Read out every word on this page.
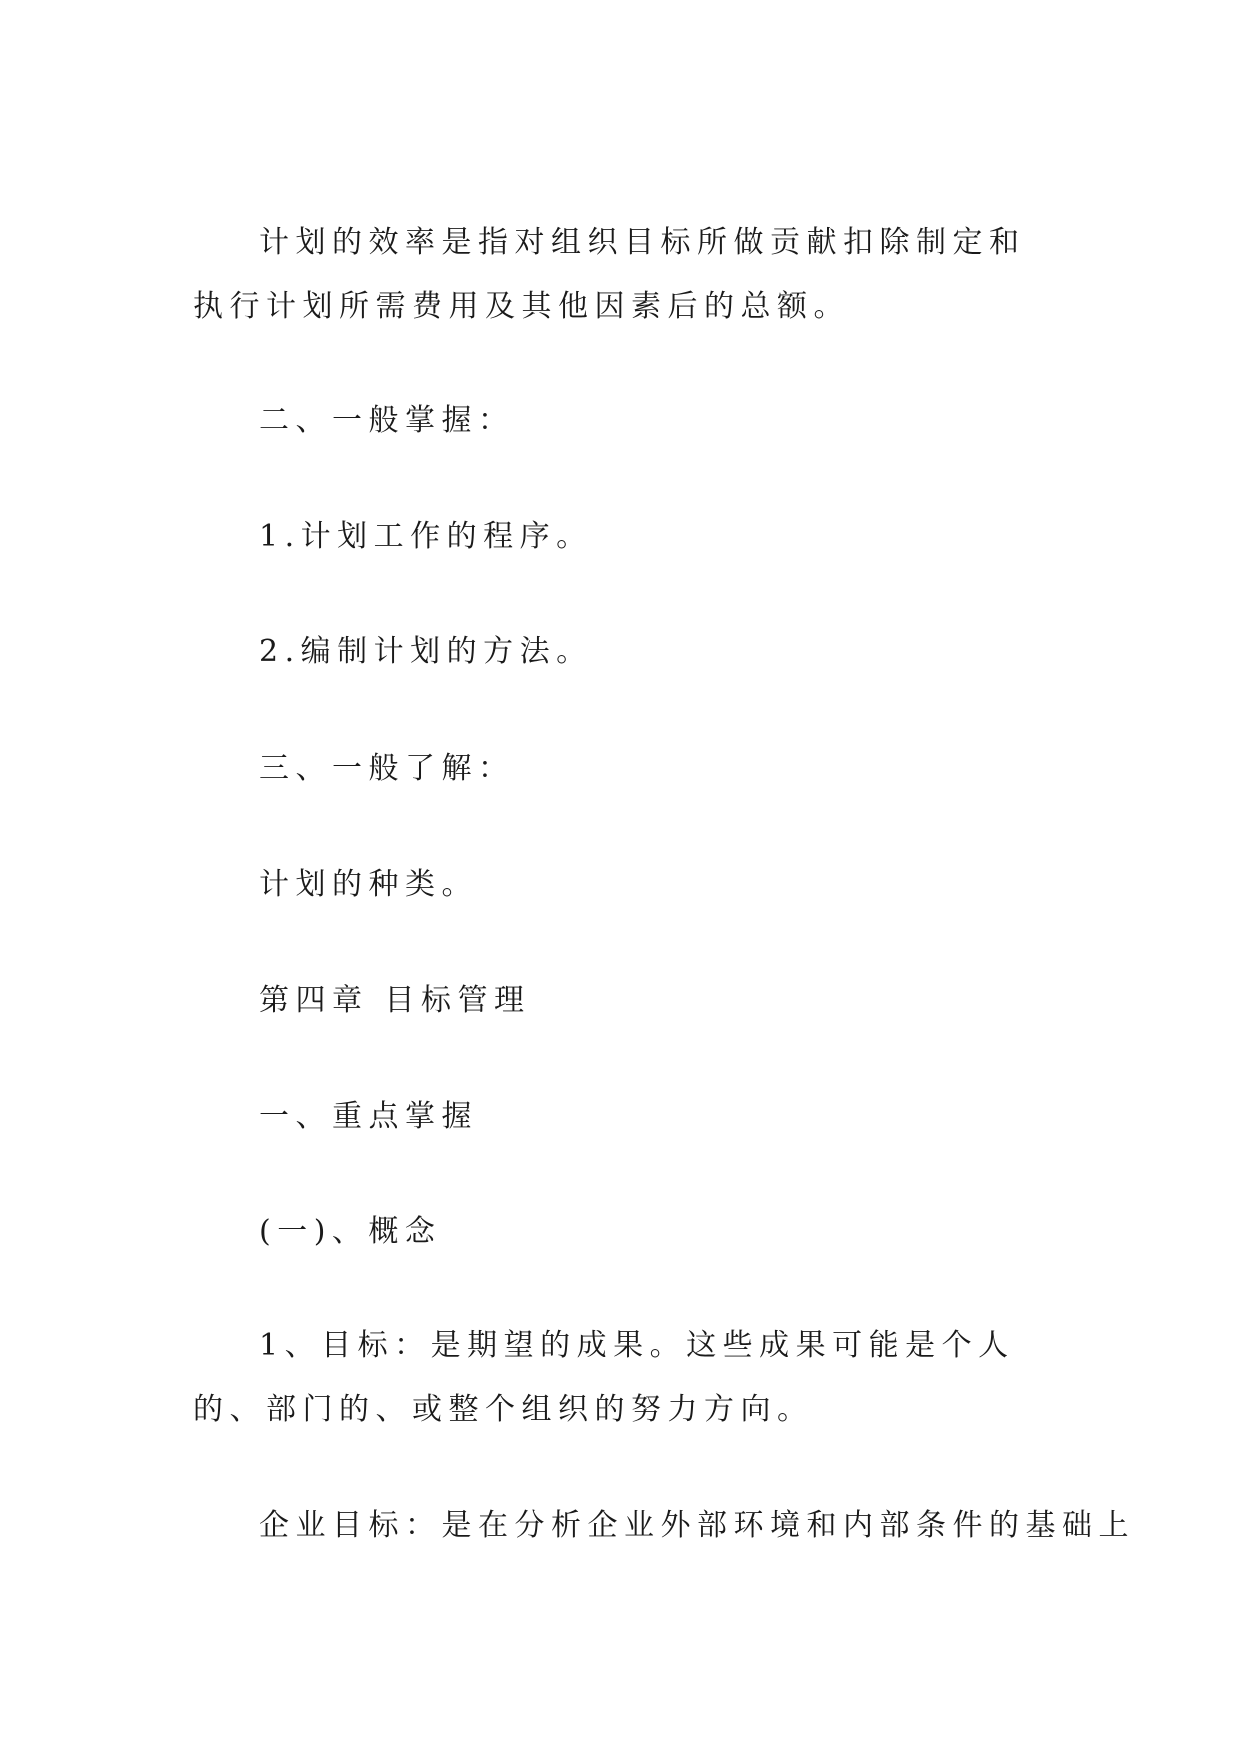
计划的效率是指对组织目标所做贡献扣除制定和执行计划所需费用及其他因素后的总额。

二、一般掌握：

1.计划工作的程序。

2.编制计划的方法。

三、一般了解：

计划的种类。

第四章 目标管理

一、重点掌握

(一)、概念

1、目标：是期望的成果。这些成果可能是个人的、部门的、或整个组织的努力方向。

企业目标：是在分析企业外部环境和内部条件的基础上
